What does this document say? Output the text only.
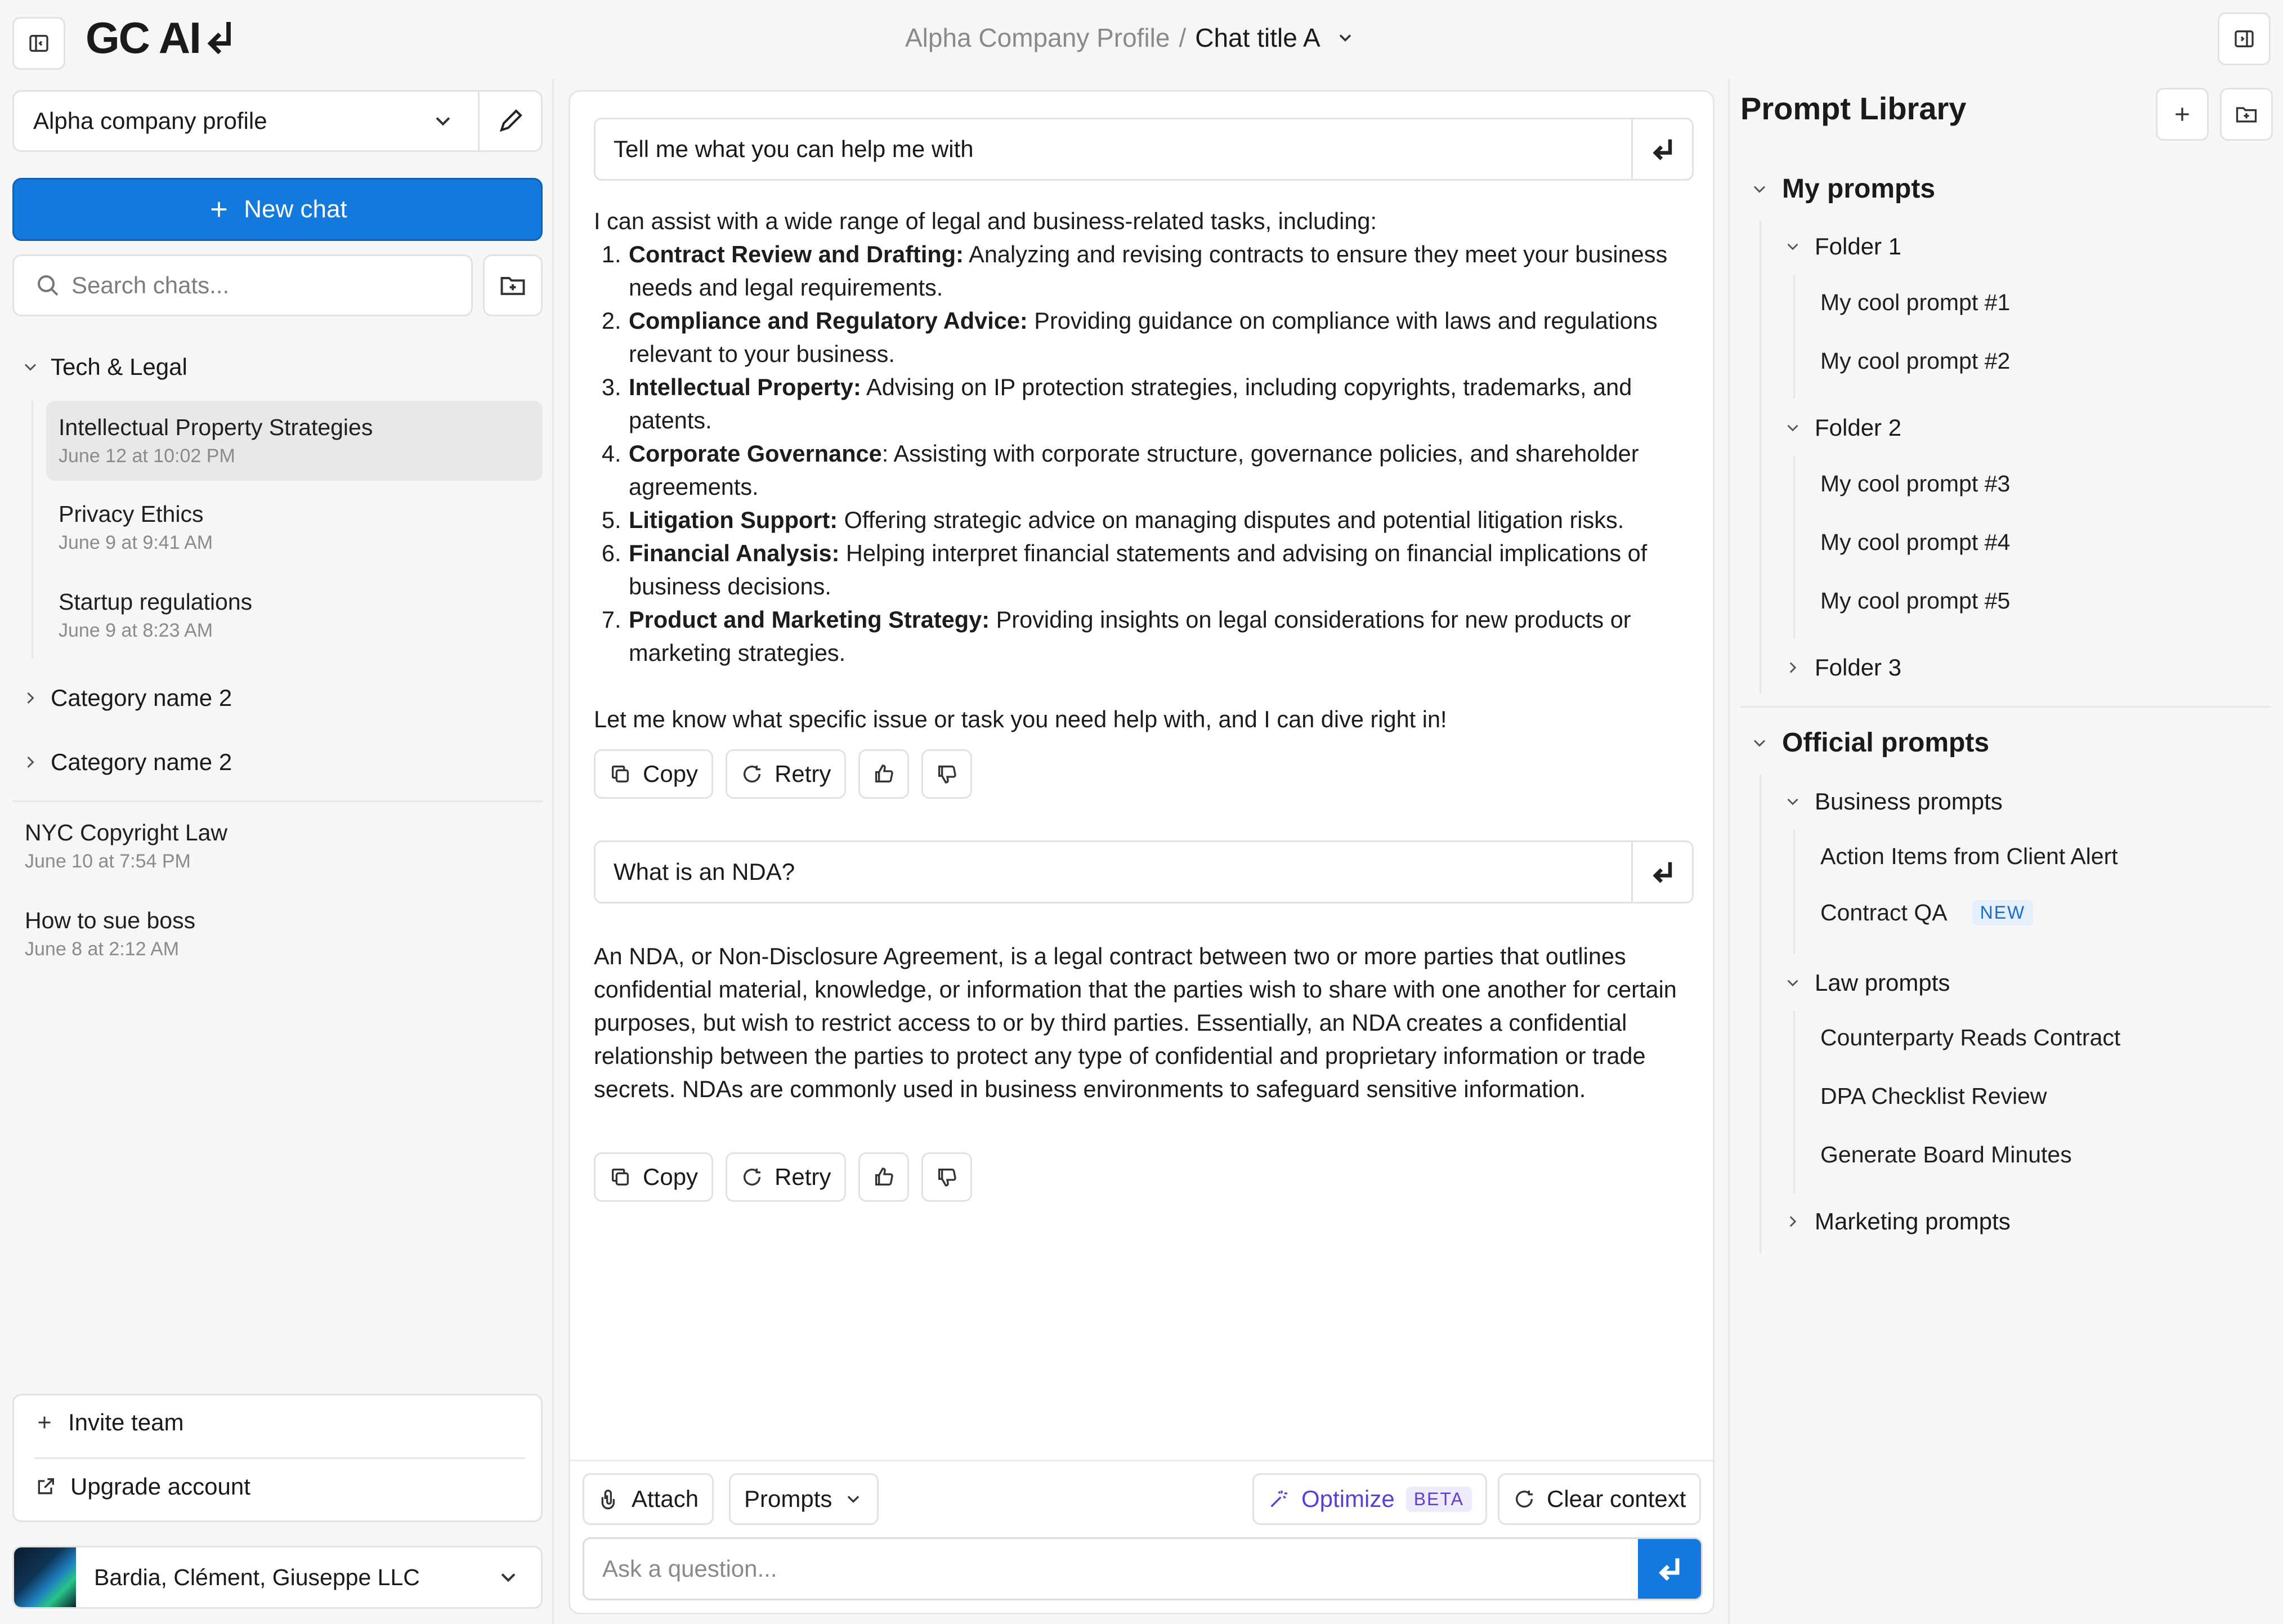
GC AI	Alpha Company Profile / Chat title A
Alpha company profile
New chat
Search chats...
Tech & Legal
Intellectual Property Strategies
June 12 at 10:02 PM
Privacy Ethics
June 9 at 9:41 AM
Startup regulations
June 9 at 8:23 AM
Category name 2
Category name 2
NYC Copyright Law
June 10 at 7:54 PM
How to sue boss
June 8 at 2:12 AM
Invite team
Upgrade account
Bardia, Clément, Giuseppe LLC
Tell me what you can help me with
I can assist with a wide range of legal and business-related tasks, including:
1. Contract Review and Drafting: Analyzing and revising contracts to ensure they meet your business needs and legal requirements.
2. Compliance and Regulatory Advice: Providing guidance on compliance with laws and regulations relevant to your business.
3. Intellectual Property: Advising on IP protection strategies, including copyrights, trademarks, and patents.
4. Corporate Governance: Assisting with corporate structure, governance policies, and shareholder agreements.
5. Litigation Support: Offering strategic advice on managing disputes and potential litigation risks.
6. Financial Analysis: Helping interpret financial statements and advising on financial implications of business decisions.
7. Product and Marketing Strategy: Providing insights on legal considerations for new products or marketing strategies.
Let me know what specific issue or task you need help with, and I can dive right in!
Copy	Retry
What is an NDA?
An NDA, or Non-Disclosure Agreement, is a legal contract between two or more parties that outlines confidential material, knowledge, or information that the parties wish to share with one another for certain purposes, but wish to restrict access to or by third parties. Essentially, an NDA creates a confidential relationship between the parties to protect any type of confidential and proprietary information or trade secrets. NDAs are commonly used in business environments to safeguard sensitive information.
Copy	Retry
Attach Prompts	Optimize	BETA	Clear context
Ask a question...
Prompt Library
My prompts
Folder 1
My cool prompt #1
My cool prompt #2
Folder 2
My cool prompt #3
My cool prompt #4
My cool prompt #5
Folder 3
Official prompts
Business prompts
Action Items from Client Alert
Contract QA	NEW
Law prompts
Counterparty Reads Contract
DPA Checklist Review
Generate Board Minutes
Marketing prompts
